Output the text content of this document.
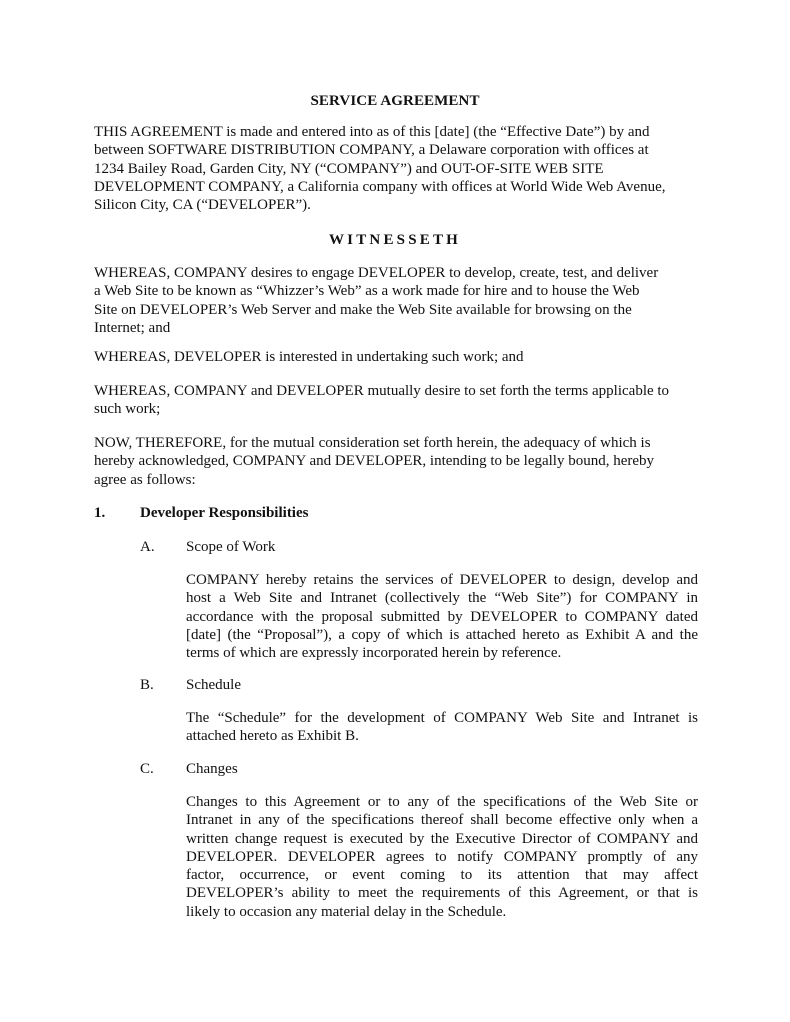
SERVICE AGREEMENT

THIS AGREEMENT is made and entered into as of this [date] (the “Effective Date”) by and
between SOFTWARE DISTRIBUTION COMPANY, a Delaware corporation with offices at
1234 Bailey Road, Garden City, NY (“COMPANY”) and OUT-OF-SITE WEB SITE
DEVELOPMENT COMPANY, a California company with offices at World Wide Web Avenue,
Silicon City, CA (“DEVELOPER”).

WITNESSETH

WHEREAS, COMPANY desires to engage DEVELOPER to develop, create, test, and deliver
a Web Site to be known as “Whizzer’s Web” as a work made for hire and to house the Web
Site on DEVELOPER’s Web Server and make the Web Site available for browsing on the
Internet; and
WHEREAS, DEVELOPER is interested in undertaking such work; and
WHEREAS, COMPANY and DEVELOPER mutually desire to set forth the terms applicable to
such work;
NOW, THEREFORE, for the mutual consideration set forth herein, the adequacy of which is
hereby acknowledged, COMPANY and DEVELOPER, intending to be legally bound, hereby
agree as follows:

1. Developer Responsibilities

A. Scope of Work

COMPANY hereby retains the services of DEVELOPER to design, develop and
host a Web Site and Intranet (collectively the “Web Site”) for COMPANY in
accordance with the proposal submitted by DEVELOPER to COMPANY dated
[date] (the “Proposal”), a copy of which is attached hereto as Exhibit A and the
terms of which are expressly incorporated herein by reference.

B. Schedule

The “Schedule” for the development of COMPANY Web Site and Intranet is
attached hereto as Exhibit B.

C. Changes

Changes to this Agreement or to any of the specifications of the Web Site or
Intranet in any of the specifications thereof shall become effective only when a
written change request is executed by the Executive Director of COMPANY and
DEVELOPER. DEVELOPER agrees to notify COMPANY promptly of any
factor, occurrence, or event coming to its attention that may affect
DEVELOPER’s ability to meet the requirements of this Agreement, or that is
likely to occasion any material delay in the Schedule.
